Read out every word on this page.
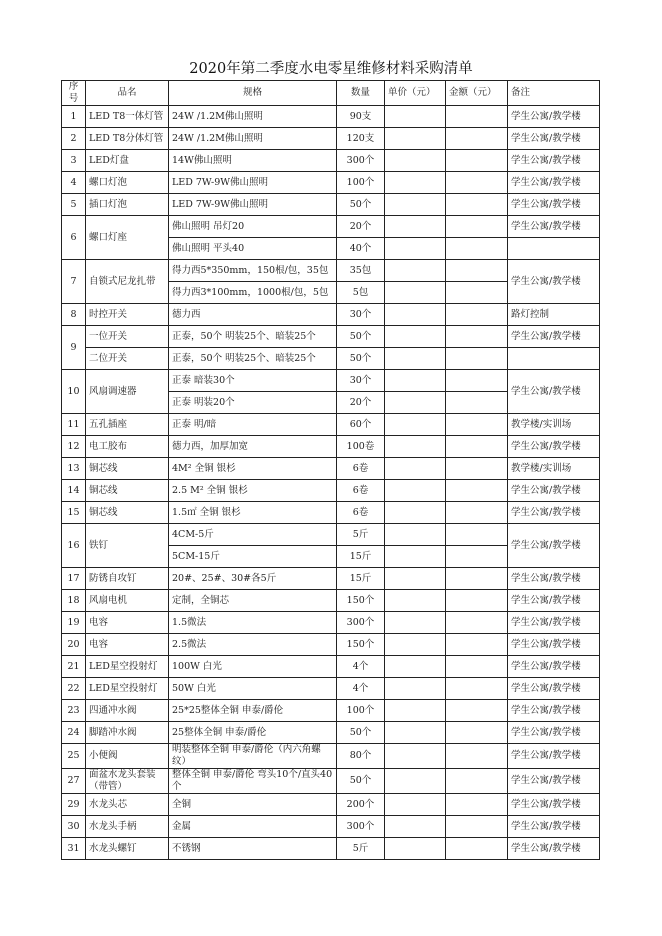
2020年第二季度水电零星维修材料采购清单
序号	品名	规格	数量	单价（元）	金额（元）	备注
1	LED T8一体灯管	24W /1.2M佛山照明	90支			学生公寓/教学楼
2	LED T8分体灯管	24W /1.2M佛山照明	120支			学生公寓/教学楼
3	LED灯盘	14W佛山照明	300个			学生公寓/教学楼
4	螺口灯泡	LED 7W-9W佛山照明	100个			学生公寓/教学楼
5	插口灯泡	LED 7W-9W佛山照明	50个			学生公寓/教学楼
6	螺口灯座	佛山照明 吊灯20	20个			学生公寓/教学楼
		佛山照明 平头40	40个			
7	自锁式尼龙扎带	得力西5*350mm，150根/包，35包	35包			学生公寓/教学楼
		得力西3*100mm，1000根/包，5包	5包			
8	时控开关	德力西	30个			路灯控制
9	一位开关	正泰，50个 明装25个、暗装25个	50个			学生公寓/教学楼
	二位开关	正泰，50个 明装25个、暗装25个	50个			
10	风扇调速器	正泰 暗装30个	30个			学生公寓/教学楼
		正泰 明装20个	20个			
11	五孔插座	正泰 明/暗	60个			教学楼/实训场
12	电工胶布	德力西，加厚加宽	100卷			学生公寓/教学楼
13	铜芯线	4M² 全铜 银杉	6卷			教学楼/实训场
14	铜芯线	2.5 M² 全铜 银杉	6卷			学生公寓/教学楼
15	铜芯线	1.5㎡ 全铜 银杉	6卷			学生公寓/教学楼
16	铁钉	4CM-5斤	5斤			学生公寓/教学楼
		5CM-15斤	15斤			
17	防锈自攻钉	20#、25#、30#各5斤	15斤			学生公寓/教学楼
18	风扇电机	定制，全铜芯	150个			学生公寓/教学楼
19	电容	1.5微法	300个			学生公寓/教学楼
20	电容	2.5微法	150个			学生公寓/教学楼
21	LED星空投射灯	100W 白光	4个			学生公寓/教学楼
22	LED星空投射灯	50W 白光	4个			学生公寓/教学楼
23	四通冲水阀	25*25整体全铜 申泰/爵伦	100个			学生公寓/教学楼
24	脚踏冲水阀	25整体全铜 申泰/爵伦	50个			学生公寓/教学楼
25	小便阀	明装整体全铜 申泰/爵伦（内六角螺纹）	80个			学生公寓/教学楼
27	面盆水龙头套装（带管）	整体全铜 申泰/爵伦 弯头10个/直头40个	50个			学生公寓/教学楼
29	水龙头芯	全铜	200个			学生公寓/教学楼
30	水龙头手柄	金属	300个			学生公寓/教学楼
31	水龙头螺钉	不锈钢	5斤			学生公寓/教学楼
